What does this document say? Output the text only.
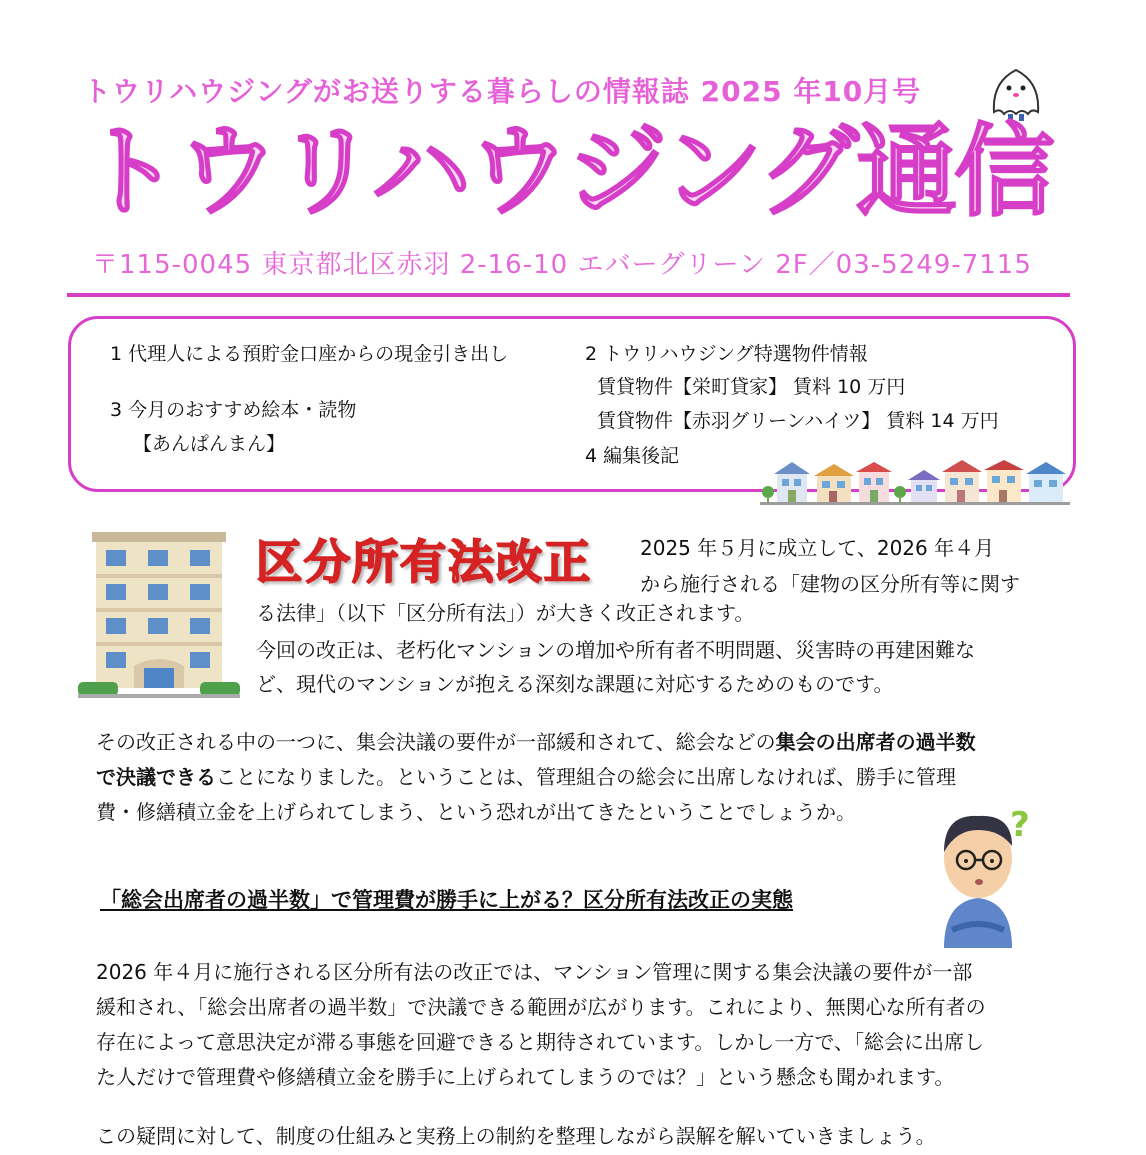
トウリハウジングがお送りする暮らしの情報誌 2025 年10月号
トウリハウジング通信
〒115-0045 東京都北区赤羽 2-16-10 エバーグリーン 2F／03-5249-7115
1 代理人による預貯金口座からの現金引き出し	2 トウリハウジング特選物件情報
賃貸物件【栄町貸家】 賃料 10 万円
賃貸物件【赤羽グリーンハイツ】 賃料 14 万円
3 今月のおすすめ絵本・読物
【あんぱんまん】
4 編集後記
区分所有法改正 2025 年５月に成立して、2026 年４月
から施行される「建物の区分所有等に関す
る法律」（以下「区分所有法」）が大きく改正されます。
今回の改正は、老朽化マンションの増加や所有者不明問題、災害時の再建困難な
ど、現代のマンションが抱える深刻な課題に対応するためのものです。
その改正される中の一つに、集会決議の要件が一部緩和されて、総会などの集会の出席者の過半数
で決議できることになりました。ということは、管理組合の総会に出席しなければ、勝手に管理
費・修繕積立金を上げられてしまう、という恐れが出てきたということでしょうか。	?
「総会出席者の過半数」で管理費が勝手に上がる？区分所有法改正の実態
2026 年４月に施行される区分所有法の改正では、マンション管理に関する集会決議の要件が一部
緩和され、「総会出席者の過半数」で決議できる範囲が広がります。これにより、無関心な所有者の
存在によって意思決定が滞る事態を回避できると期待されています。しかし一方で、「総会に出席し
た人だけで管理費や修繕積立金を勝手に上げられてしまうのでは？」という懸念も聞かれます。
この疑問に対して、制度の仕組みと実務上の制約を整理しながら誤解を解いていきましょう。
